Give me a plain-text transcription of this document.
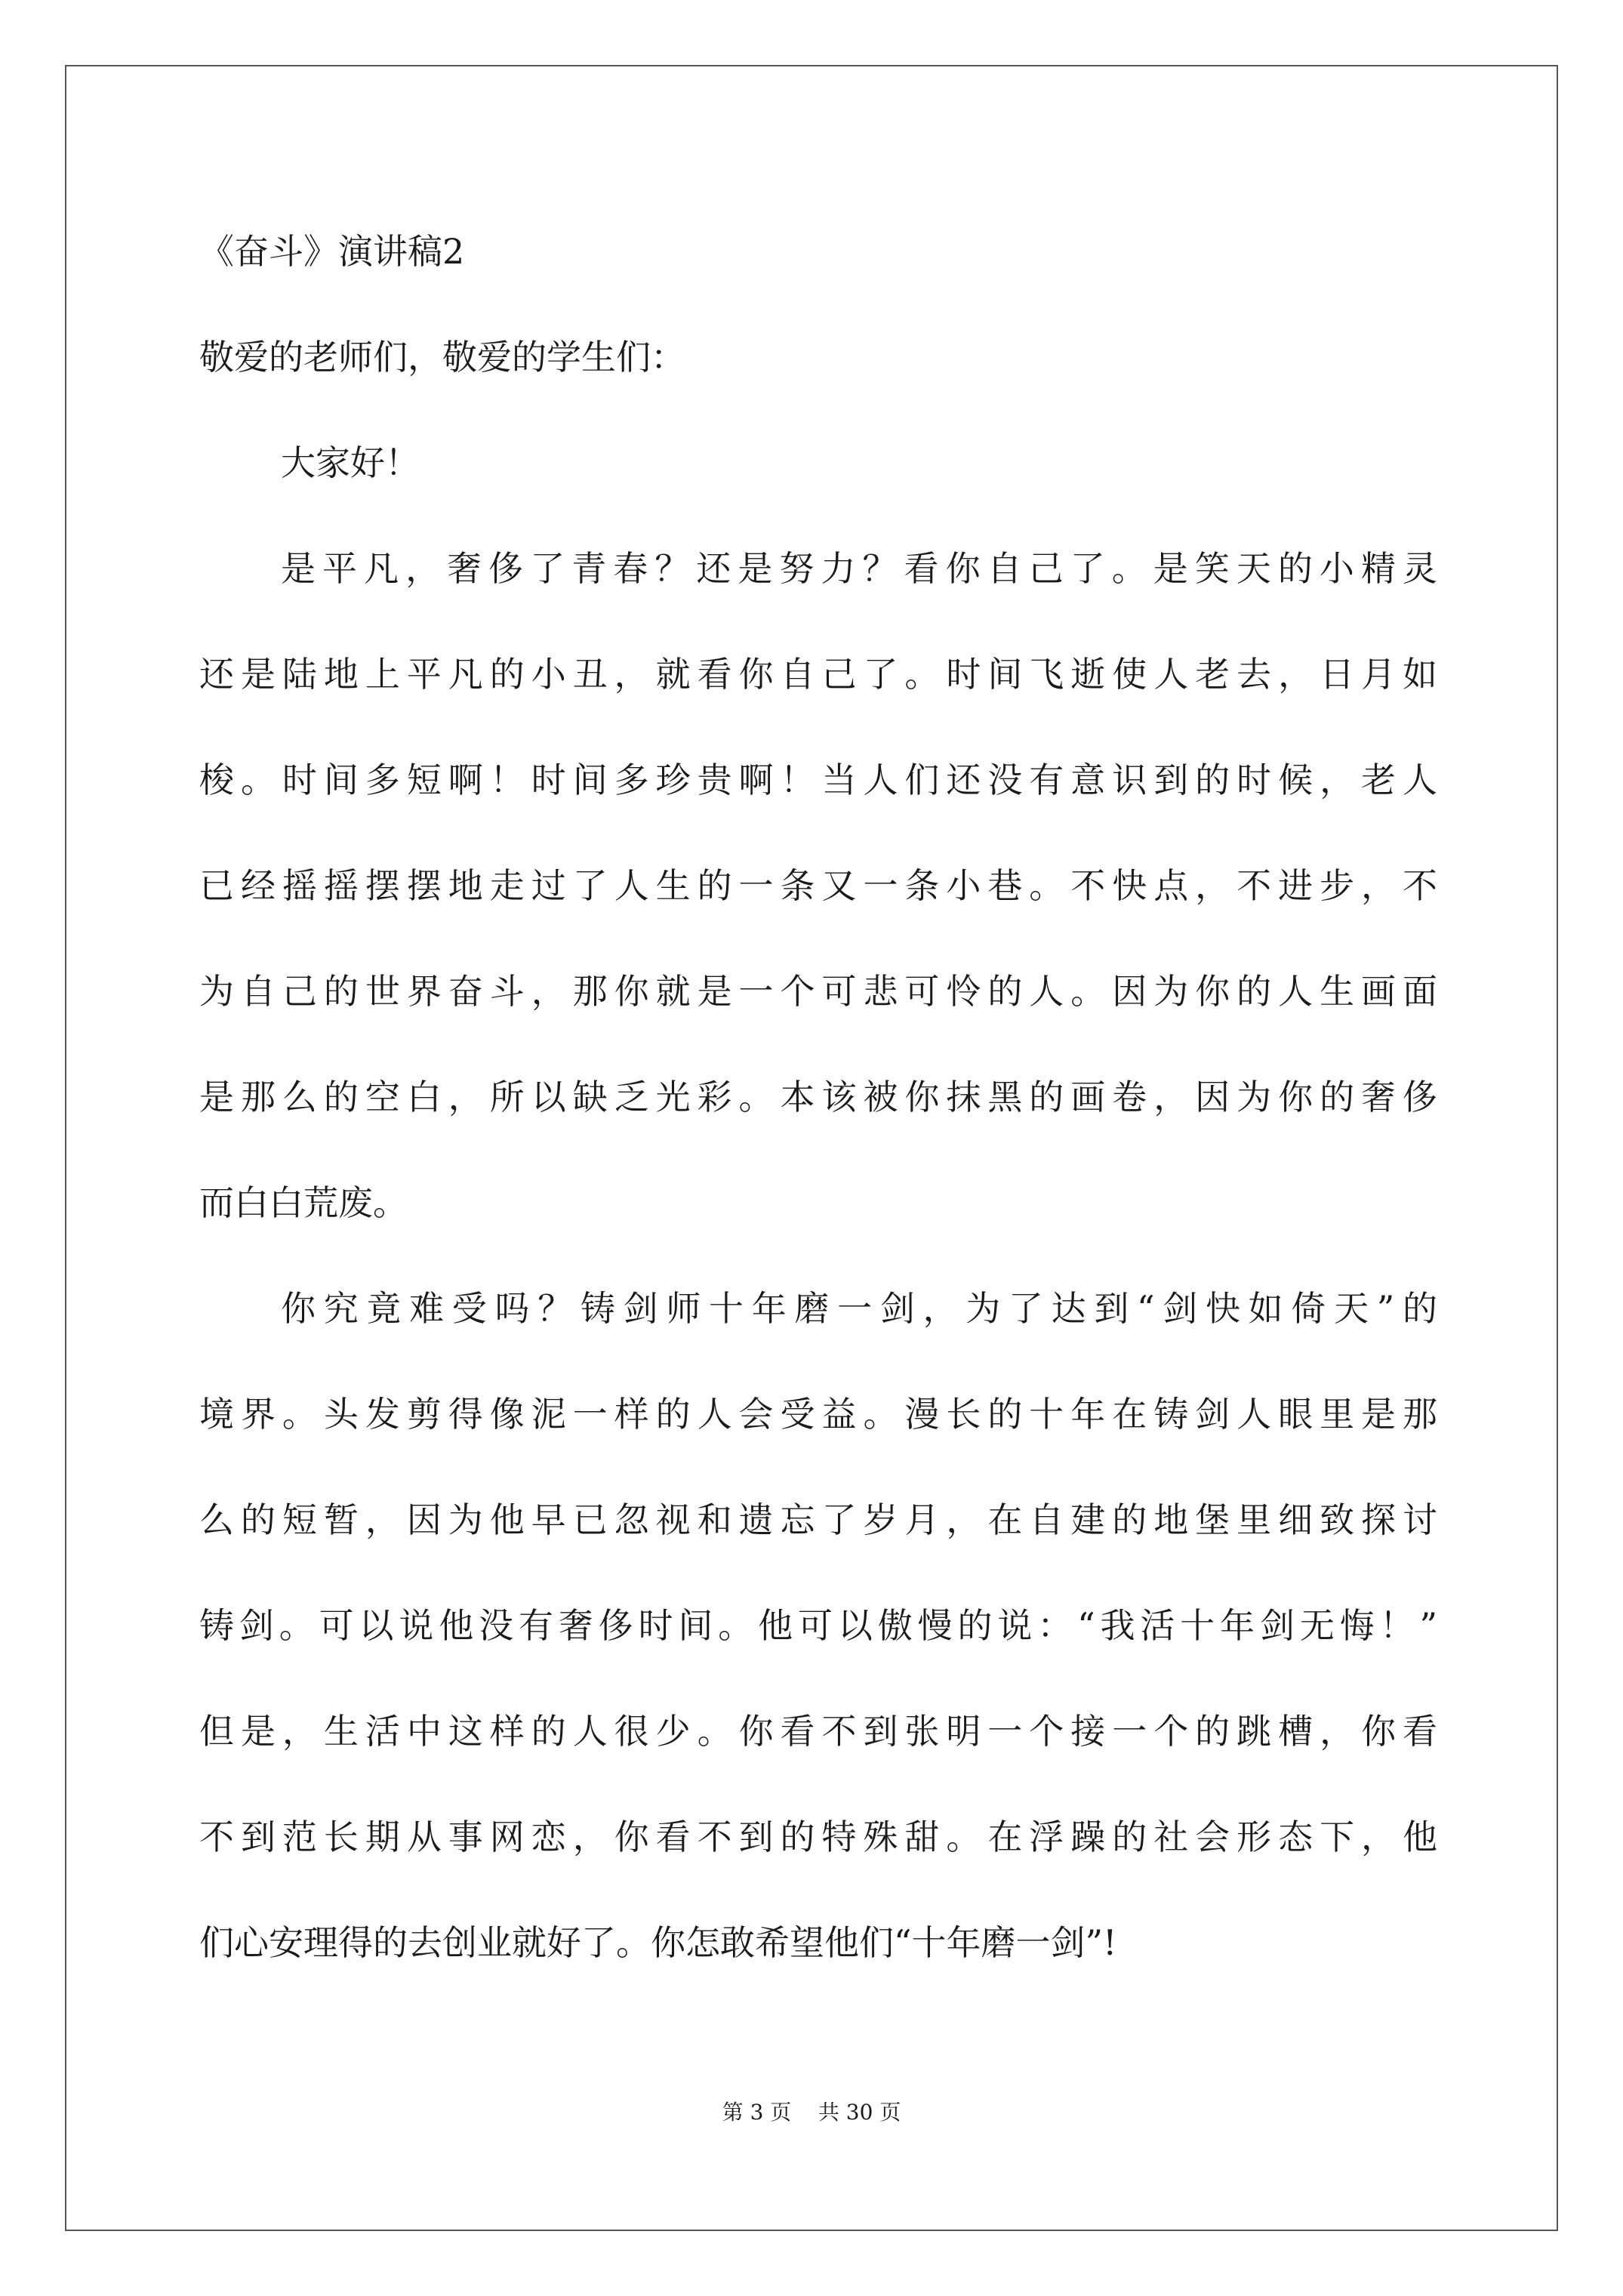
《奋斗》演讲稿2
敬爱的老师们，敬爱的学生们：
大家好！
是平凡，奢侈了青春？还是努力？看你自己了。是笑天的小精灵
还是陆地上平凡的小丑，就看你自己了。时间飞逝使人老去，日月如
梭。时间多短啊！时间多珍贵啊！当人们还没有意识到的时候，老人
已经摇摇摆摆地走过了人生的一条又一条小巷。不快点，不进步，不
为自己的世界奋斗，那你就是一个可悲可怜的人。因为你的人生画面
是那么的空白，所以缺乏光彩。本该被你抹黑的画卷，因为你的奢侈
而白白荒废。
你究竟难受吗？铸剑师十年磨一剑，为了达到“剑快如倚天”的
境界。头发剪得像泥一样的人会受益。漫长的十年在铸剑人眼里是那
么的短暂，因为他早已忽视和遗忘了岁月，在自建的地堡里细致探讨
铸剑。可以说他没有奢侈时间。他可以傲慢的说：“我活十年剑无悔！”
但是，生活中这样的人很少。你看不到张明一个接一个的跳槽，你看
不到范长期从事网恋，你看不到的特殊甜。在浮躁的社会形态下，他
们心安理得的去创业就好了。你怎敢希望他们“十年磨一剑”!
第 3 页    共 30 页
